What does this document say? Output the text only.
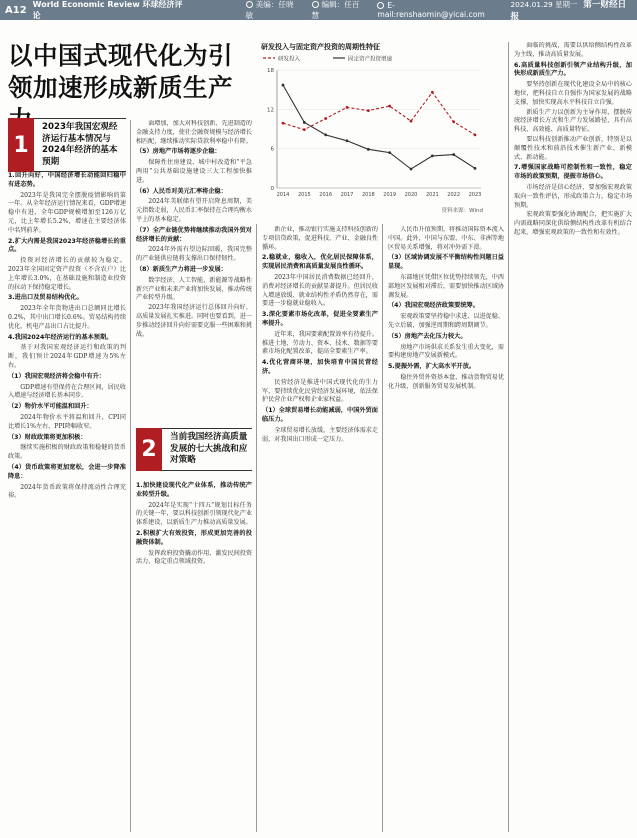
A12 World Economic Review 环球经济评论
美编：任晓敏
编辑：任百慧
E-mail:renshaomin@yicai.com
2024.01.29 星期一 第一财经日报
以中国式现代化为引领加速形成新质生产
1
2023年我国宏观经济运行基本情况与2024年经济的基本预期
2	当前我国经济高质量发展的七大挑战和应对策略

1.回升向好，中国经济增长动能回归稳中有进态势。

2023年是我国完全摆脱疫情影响的第一年。从全年经济运行情况来看，GDP增速稳中有进，全年GDP规模增加至126万亿元，比上年增长5.2%，增速在主要经济体中名列前茅。

2.扩大内需是我国2023年经济稳增长的重点。

投资对经济增长的贡献较为稳定。2023年全国固定资产投资（不含农户）比上年增长3.0%，在基础设施和制造业投资的拉动下保持稳定增长。

3.进出口及贸易结构优化。

2023年全年货物进出口总额同比增长0.2%，其中出口增长0.6%。贸易结构持续优化，机电产品出口占比提升。

4.我国2024年经济运行的基本预期。

基于对我国宏观经济运行和政策的判断，我们预计2024年GDP增速为5%左右。

（1）我国宏观经济将会稳中有升：

GDP增速有望保持在合理区间，居民收入增速与经济增长基本同步。

（2）物价水平可能温和回升：

2024年物价水平将温和回升，CPI同比增长1%左右，PPI降幅收窄。

（3）财政政策将更加积极：

继续实施积极的财政政策和稳健的货币政策。

（4）货币政策将更加宽松，会进一步降准降息：

2024年货币政策将保持流动性合理充裕。

面增加，加大对科技创新、先进制造的金融支持力度，使社会融资规模与经济增长相匹配，继续推动实际贷款利率稳中有降。

（5）房地产市场将逐步企稳：

保障性住房建设、城中村改造和“平急两用”公共基础设施建设三大工程加快推进。

（6）人民币对美元汇率将企稳：

2024年美联储有望开启降息周期，美元指数走弱，人民币汇率保持在合理均衡水平上的基本稳定。

（7）全产业链优势将继续推动我国外贸对经济增长的贡献：

2024年外需有望边际回暖，我国完整的产业链供应链将支撑出口保持韧性。

（8）新质生产力将进一步发展：

数字经济、人工智能、新能源等战略性新兴产业和未来产业将加快发展，推动传统产业转型升级。

2023年我国经济运行总体回升向好，高质量发展扎实推进。同时也要看到，进一步推动经济回升向好需要克服一些困难和挑战。

1.加快建设现代化产业体系，推动传统产业转型升级。

2024年是实现“十四五”规划目标任务的关键一年，要以科技创新引领现代化产业体系建设，以新质生产力推动高质量发展。

2.积极扩大有效投资，形成更加完善的投融资体制。

发挥政府投资撬动作用，激发民间投资活力，稳定重点领域投资。

新企业，推动银行实施支持科技创新的专项信贷政策，促进科技、产业、金融良性循环。

2.稳就业，稳收入，优化居民保障体系，实现居民消费和高质量发展良性循环。

2023年中国居民消费数据已经回升，消费对经济增长的贡献显著提升。但居民收入增速放缓、就业结构性矛盾仍然存在，需要进一步稳就业稳收入。

3.深化要素市场化改革，促进全要素生产率提升。

近年来，我国要素配置效率有待提升。推进土地、劳动力、资本、技术、数据等要素市场化配置改革，提高全要素生产率。

4.优化营商环境，加快培育中国民营经济。

民营经济是推进中国式现代化的生力军，要持续优化民营经济发展环境，依法保护民营企业产权和企业家权益。

（1）全球贸易增长动能减弱，中国外贸面临压力。

全球贸易增长放缓，主要经济体需求走弱，对我国出口形成一定压力。

人民币升值预期，将推动国际资本流入中国。此外，中国与东盟、中东、非洲等地区贸易关系增强，将对冲外需下滑。

（3）区域协调发展不平衡结构性问题日益显现。

东部地区凭借区位优势持续领先，中西部地区发展相对滞后，需要加快推动区域协调发展。

（4）我国宏观经济政策要统筹。

宏观政策要坚持稳中求进、以进促稳、先立后破，加强逆周期和跨周期调节。

（5）房地产去化压力较大。

房地产市场供求关系发生重大变化，需要构建房地产发展新模式。

5.提振外需，扩大高水平开放。

稳住外贸外资基本盘，推动货物贸易优化升级，创新服务贸易发展机制。

面临的挑战，需要以供给侧结构性改革为主线，推动高质量发展。

6.高质量科技创新引领产业结构升级，加快形成新质生产力。

要坚持创新在现代化建设全局中的核心地位，把科技自立自强作为国家发展的战略支撑，加快实现高水平科技自立自强。

新质生产力以创新为主导作用，摆脱传统经济增长方式和生产力发展路径，具有高科技、高效能、高质量特征。

要以科技创新推动产业创新，特别是以颠覆性技术和前沿技术催生新产业、新模式、新动能。

7.增强国家战略可控制性和一致性，稳定市场的政策预期，提振市场信心。

市场经济是信心经济，要加强宏观政策取向一致性评估，形成政策合力，稳定市场预期。

宏观政策要强化协调配合，把实施扩大内需战略同深化供给侧结构性改革有机结合起来，增强宏观政策的一致性和有效性。

研发投入与固定资产投资的周期性特征
研发投入	固定资产投资增速
0
6
12
18
2014 2015 2016 2017 2018 2019 2020 2021 2022 2023
资料来源：Wind
